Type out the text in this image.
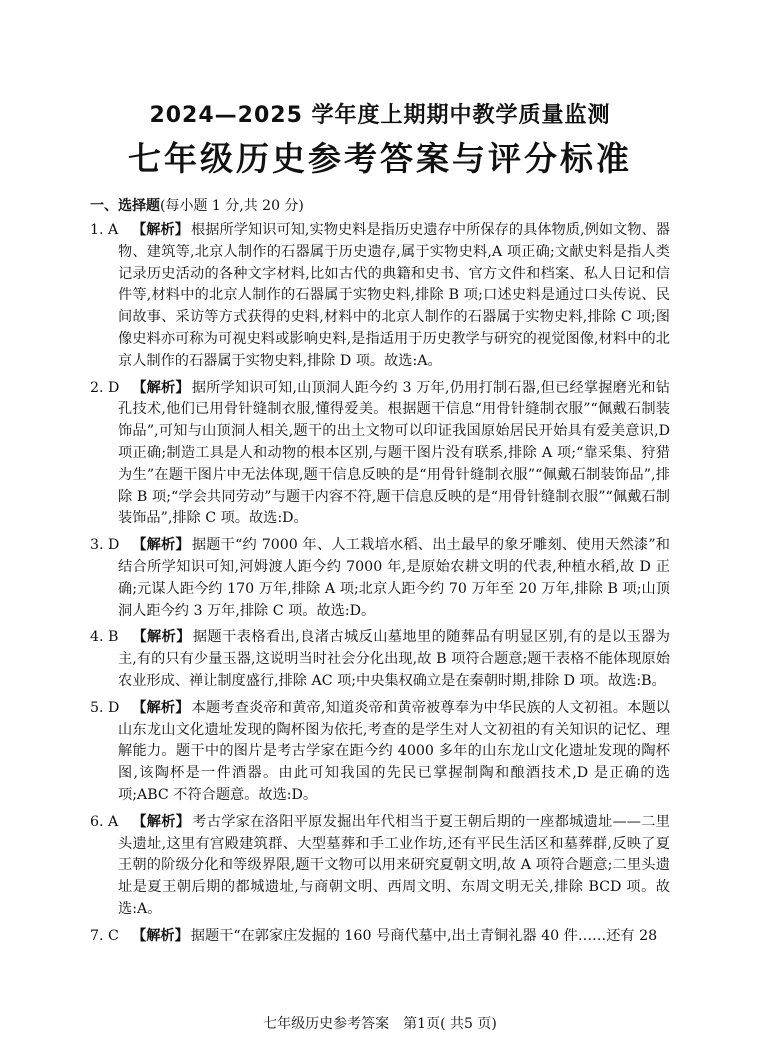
2024—2025 学年度上期期中教学质量监测
七年级历史参考答案与评分标准
一、选择题(每小题 1 分,共 20 分)
1. A 【解析】 根据所学知识可知,实物史料是指历史遗存中所保存的具体物质,例如文物、器物、建筑等,北京人制作的石器属于历史遗存,属于实物史料,A 项正确;文献史料是指人类记录历史活动的各种文字材料,比如古代的典籍和史书、官方文件和档案、私人日记和信件等,材料中的北京人制作的石器属于实物史料,排除 B 项;口述史料是通过口头传说、民间故事、采访等方式获得的史料,材料中的北京人制作的石器属于实物史料,排除 C 项;图像史料亦可称为可视史料或影响史料,是指适用于历史教学与研究的视觉图像,材料中的北京人制作的石器属于实物史料,排除 D 项。故选:A。
2. D 【解析】 据所学知识可知,山顶洞人距今约 3 万年,仍用打制石器,但已经掌握磨光和钻孔技术,他们已用骨针缝制衣服,懂得爱美。根据题干信息“用骨针缝制衣服”“佩戴石制装饰品”,可知与山顶洞人相关,题干的出土文物可以印证我国原始居民开始具有爱美意识,D 项正确;制造工具是人和动物的根本区别,与题干图片没有联系,排除 A 项;“靠采集、狩猎为生”在题干图片中无法体现,题干信息反映的是“用骨针缝制衣服”“佩戴石制装饰品”,排除 B 项;“学会共同劳动”与题干内容不符,题干信息反映的是“用骨针缝制衣服”“佩戴石制装饰品”,排除 C 项。故选:D。
3. D 【解析】 据题干“约 7000 年、人工栽培水稻、出土最早的象牙雕刻、使用天然漆”和结合所学知识可知,河姆渡人距今约 7000 年,是原始农耕文明的代表,种植水稻,故 D 正确;元谋人距今约 170 万年,排除 A 项;北京人距今约 70 万年至 20 万年,排除 B 项;山顶洞人距今约 3 万年,排除 C 项。故选:D。
4. B 【解析】 据题干表格看出,良渚古城反山墓地里的随葬品有明显区别,有的是以玉器为主,有的只有少量玉器,这说明当时社会分化出现,故 B 项符合题意;题干表格不能体现原始农业形成、禅让制度盛行,排除 AC 项;中央集权确立是在秦朝时期,排除 D 项。故选:B。
5. D 【解析】 本题考查炎帝和黄帝,知道炎帝和黄帝被尊奉为中华民族的人文初祖。本题以山东龙山文化遗址发现的陶杯图为依托,考查的是学生对人文初祖的有关知识的记忆、理解能力。题干中的图片是考古学家在距今约 4000 多年的山东龙山文化遗址发现的陶杯图,该陶杯是一件酒器。由此可知我国的先民已掌握制陶和酿酒技术,D 是正确的选项;ABC 不符合题意。故选:D。
6. A 【解析】 考古学家在洛阳平原发掘出年代相当于夏王朝后期的一座都城遗址——二里头遗址,这里有宫殿建筑群、大型墓葬和手工业作坊,还有平民生活区和墓葬群,反映了夏王朝的阶级分化和等级界限,题干文物可以用来研究夏朝文明,故 A 项符合题意;二里头遗址是夏王朝后期的都城遗址,与商朝文明、西周文明、东周文明无关,排除 BCD 项。故选:A。
7. C 【解析】 据题干“在郭家庄发掘的 160 号商代墓中,出土青铜礼器 40 件……还有 28
七年级历史参考答案　第1页( 共5 页)
